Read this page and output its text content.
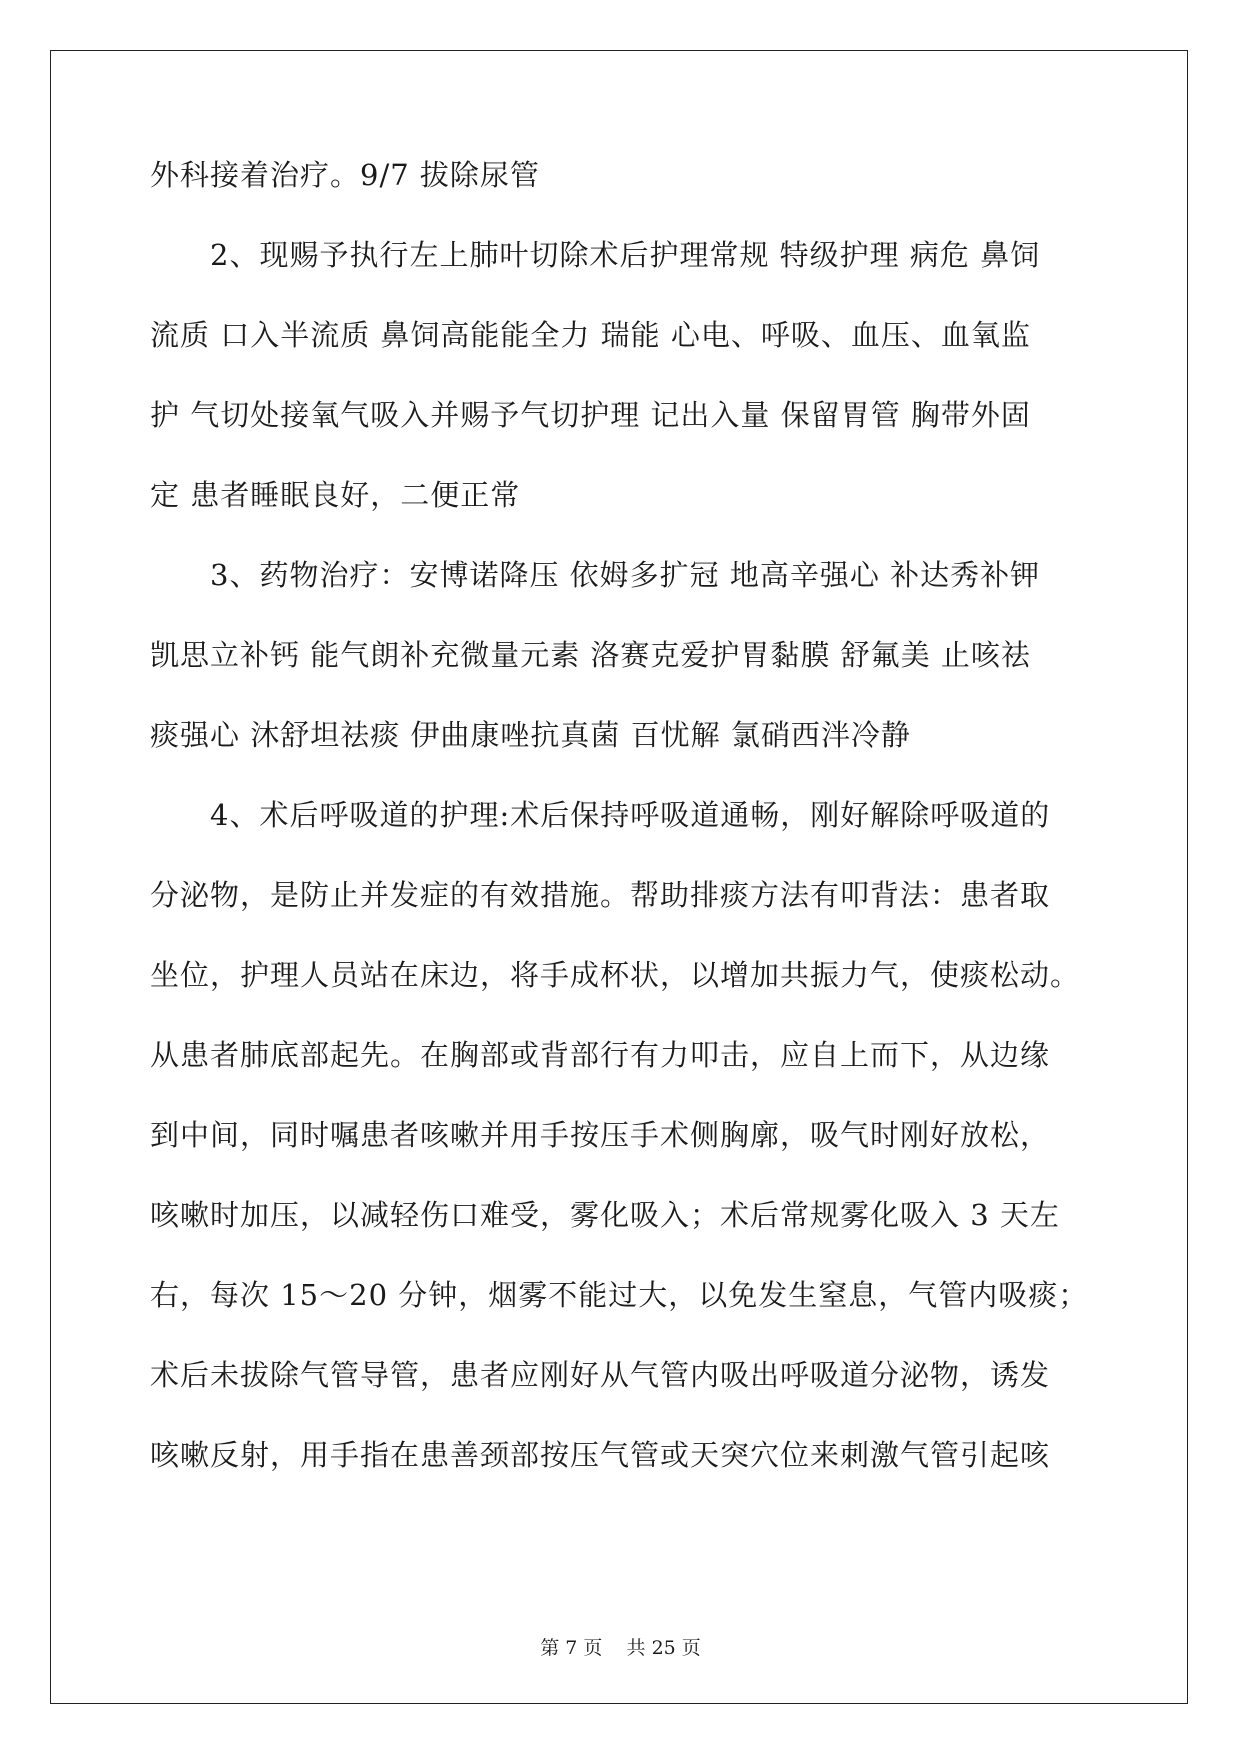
外科接着治疗。9/7 拔除尿管
　　2、现赐予执行左上肺叶切除术后护理常规 特级护理 病危 鼻饲
流质 口入半流质 鼻饲高能能全力 瑞能 心电、呼吸、血压、血氧监
护 气切处接氧气吸入并赐予气切护理 记出入量 保留胃管 胸带外固
定 患者睡眠良好，二便正常
　　3、药物治疗：安博诺降压 依姆多扩冠 地高辛强心 补达秀补钾
凯思立补钙 能气朗补充微量元素 洛赛克爱护胃黏膜 舒氟美 止咳祛
痰强心 沐舒坦祛痰 伊曲康唑抗真菌 百忧解 氯硝西泮冷静
　　4、术后呼吸道的护理:术后保持呼吸道通畅，刚好解除呼吸道的
分泌物，是防止并发症的有效措施。帮助排痰方法有叩背法：患者取
坐位，护理人员站在床边，将手成杯状，以增加共振力气，使痰松动。
从患者肺底部起先。在胸部或背部行有力叩击，应自上而下，从边缘
到中间，同时嘱患者咳嗽并用手按压手术侧胸廓，吸气时刚好放松，
咳嗽时加压，以减轻伤口难受，雾化吸入；术后常规雾化吸入 3 天左
右，每次 15～20 分钟，烟雾不能过大，以免发生窒息，气管内吸痰；
术后未拔除气管导管，患者应刚好从气管内吸出呼吸道分泌物，诱发
咳嗽反射，用手指在患善颈部按压气管或天突穴位来刺激气管引起咳
第 7 页 共 25 页
